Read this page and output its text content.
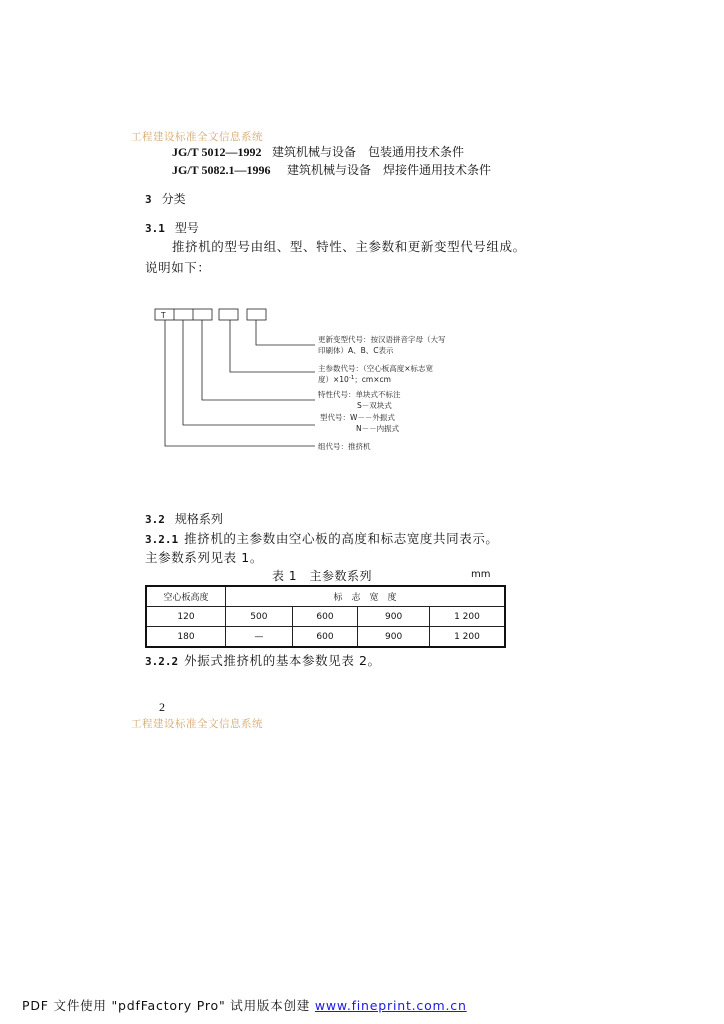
工程建设标准全文信息系统
JG/T 5012—1992 建筑机械与设备　包装通用技术条件
JG/T 5082.1—1996 建筑机械与设备　焊接件通用技术条件
3 分类
3.1 型号
推挤机的型号由组、型、特性、主参数和更新变型代号组成。
说明如下：
T
更新变型代号：按汉语拼音字母（大写
印刷体）A、B、C表示
主参数代号：（空心板高度×标志宽
度）$\times 10^{-1}$；cm×cm
特性代号：单块式不标注
S－双块式
型代号：W－－外振式
N－－内振式
组代号：推挤机
3.2 规格系列
3.2.1 推挤机的主参数由空心板的高度和标志宽度共同表示。
主参数系列见表 1。
表 1　主参数系列	mm
空心板高度	标　志　宽　度			
120	500	600	900	1 200
180	—	600	900	1 200
3.2.2 外振式推挤机的基本参数见表 2。
2
工程建设标准全文信息系统
PDF 文件使用 "pdfFactory Pro" 试用版本创建 www.fineprint.com.cn
